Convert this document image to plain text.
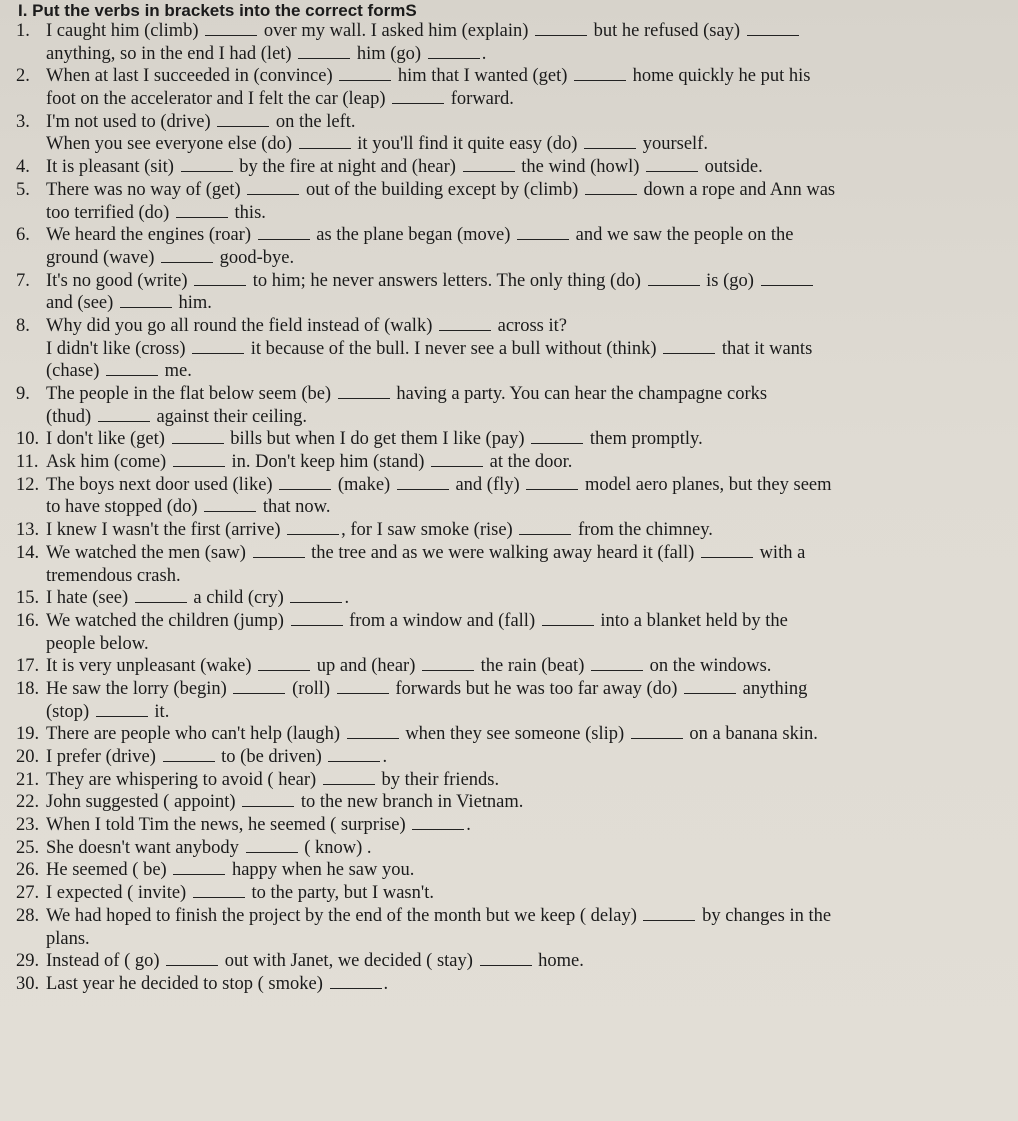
I. Put the verbs in brackets into the correct formS
1. I caught him (climb)	over my wall. I asked him (explain)	but he refused (say)
anything, so in the end I had (let)	him (go)	.
2. When at last I succeeded in (convince)	him that I wanted (get)	home quickly he put his
foot on the accelerator and I felt the car (leap)	forward.
3. I'm not used to (drive)	on the left.
When you see everyone else (do)	it you'll find it quite easy (do)	yourself.
4. It is pleasant (sit)	by the fire at night and (hear)	the wind (howl)	outside.
5. There was no way of (get)	out of the building except by (climb)	down a rope and Ann was
too terrified (do)	this.
6. We heard the engines (roar)	as the plane began (move)	and we saw the people on the
ground (wave)	good-bye.
7. It's no good (write)	to him; he never answers letters. The only thing (do)	is (go)
and (see)	him.
8. Why did you go all round the field instead of (walk)	across it?
I didn't like (cross)	it because of the bull. I never see a bull without (think)	that it wants
(chase)	me.
9. The people in the flat below seem (be)	having a party. You can hear the champagne corks
(thud)	against their ceiling.
10. I don't like (get)	bills but when I do get them I like (pay)	them promptly.
11. Ask him (come)	in. Don't keep him (stand)	at the door.
12. The boys next door used (like)	(make)	and (fly)	model aero planes, but they seem
to have stopped (do)	that now.
13. I knew I wasn't the first (arrive)	, for I saw smoke (rise)	from the chimney.
14. We watched the men (saw)	the tree and as we were walking away heard it (fall)	with a
tremendous crash.
15. I hate (see)	a child (cry)	.
16. We watched the children (jump)	from a window and (fall)	into a blanket held by the
people below.
17. It is very unpleasant (wake)	up and (hear)	the rain (beat)	on the windows.
18. He saw the lorry (begin)	(roll)	forwards but he was too far away (do)	anything
(stop)	it.
19. There are people who can't help (laugh)	when they see someone (slip)	on a banana skin.
20. I prefer (drive)	to (be driven)	.
21. They are whispering to avoid ( hear)	by their friends.
22. John suggested ( appoint)	to the new branch in Vietnam.
23. When I told Tim the news, he seemed ( surprise)	.
25. She doesn't want anybody	( know) .
26. He seemed ( be)	happy when he saw you.
27. I expected ( invite)	to the party, but I wasn't.
28. We had hoped to finish the project by the end of the month but we keep ( delay)	by changes in the
plans.
29. Instead of ( go)	out with Janet, we decided ( stay)	home.
30. Last year he decided to stop ( smoke)	.
